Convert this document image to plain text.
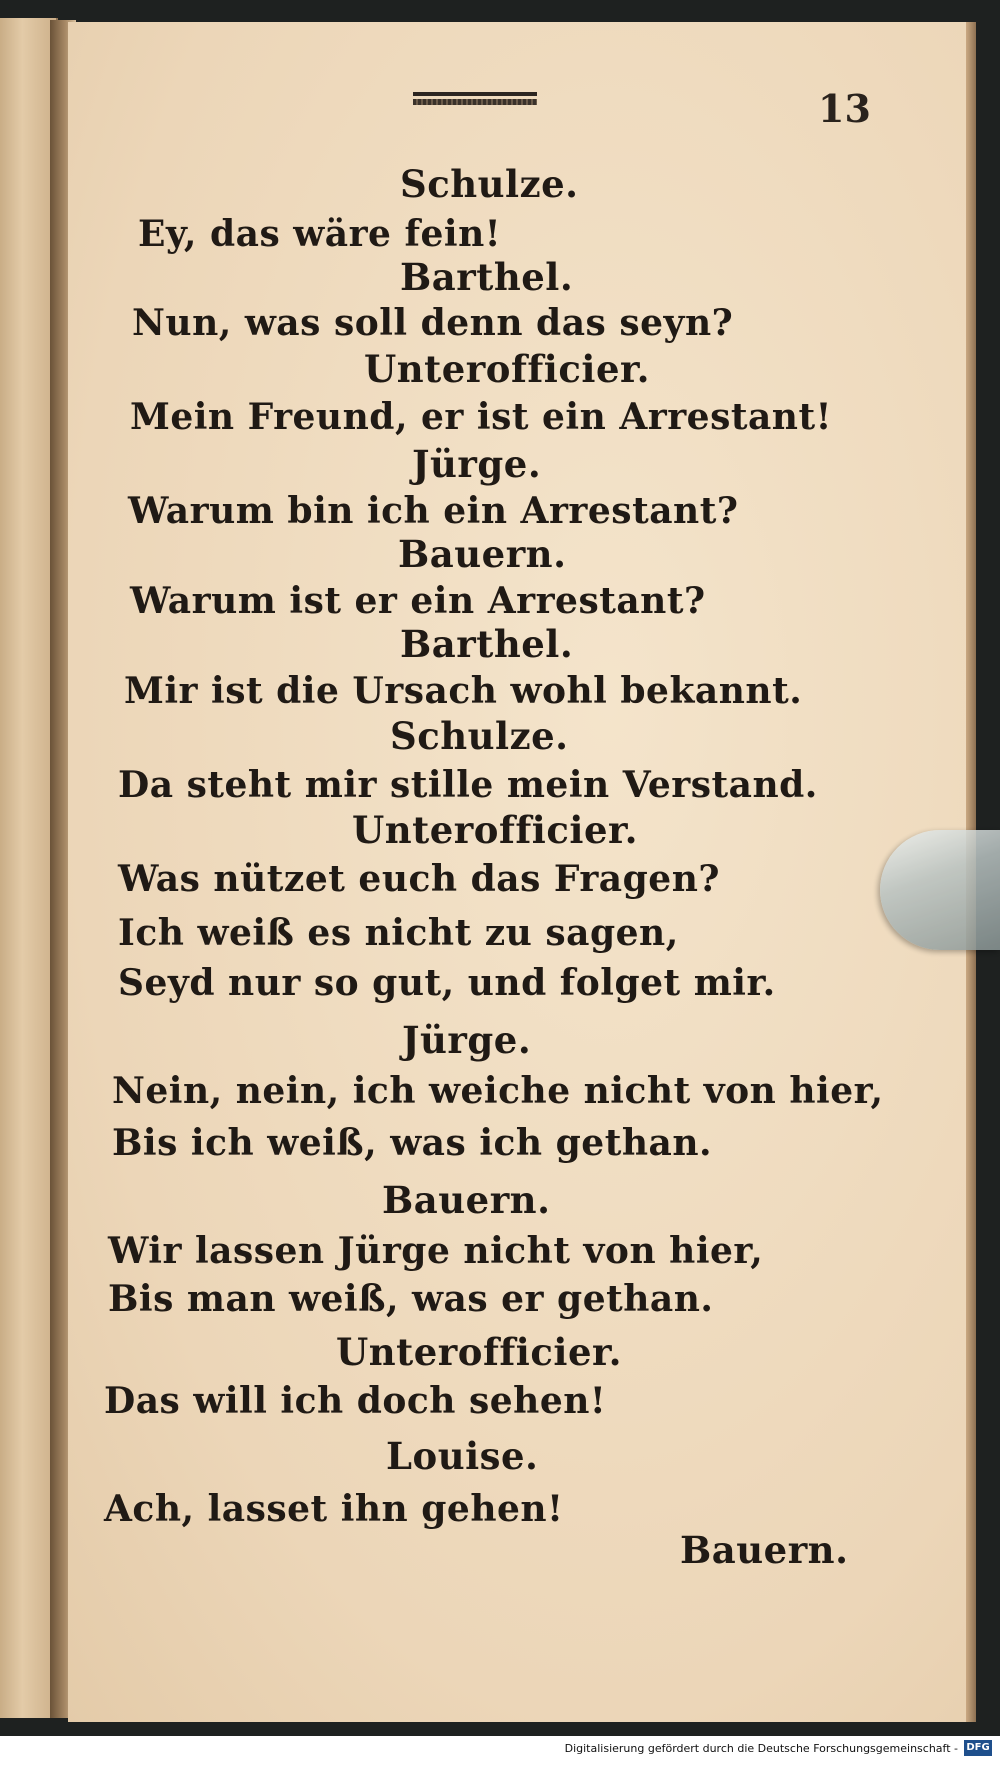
13
Schulze.
Ey, das wäre fein!
Barthel.
Nun, was soll denn das seyn?
Unterofficier.
Mein Freund, er ist ein Arrestant!
Jürge.
Warum bin ich ein Arrestant?
Bauern.
Warum ist er ein Arrestant?
Barthel.
Mir ist die Ursach wohl bekannt.
Schulze.
Da steht mir stille mein Verstand.
Unterofficier.
Was nützet euch das Fragen?
Ich weiß es nicht zu sagen,
Seyd nur so gut, und folget mir.
Jürge.
Nein, nein, ich weiche nicht von hier,
Bis ich weiß, was ich gethan.
Bauern.
Wir lassen Jürge nicht von hier,
Bis man weiß, was er gethan.
Unterofficier.
Das will ich doch sehen!
Louise.
Ach, lasset ihn gehen!
Bauern.
Digitalisierung gefördert durch die Deutsche Forschungsgemeinschaft - DFG
